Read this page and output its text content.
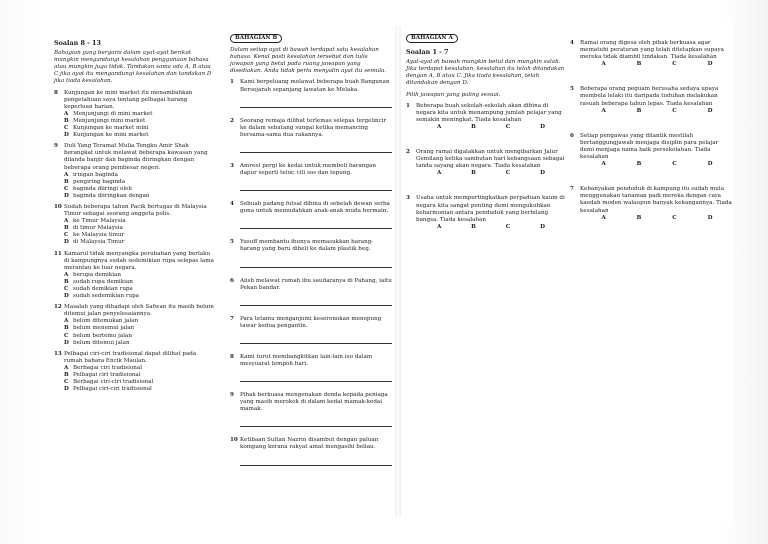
Soalan 8 - 13
Bahagian yang bergaris dalam ayat-ayat berikut mungkin mengandungi kesalahan penggunaan bahasa atau mungkin juga tidak. Tandakan sama ada A, B atau C jika ayat itu mengandungi kesalahan dan tandakan D jika tiada kesalahan.
8	Kunjungan ke mini market itu menambahkan pengetahuan saya tentang pelbagai barang keperluan harian.
A Menjunjungi di mini market
B Menjunjungi mini market
C Kunjungan ke market mini
D Kunjungan ke mini market
9	Duli Yang Teramat Mulia Tengku Amir Shah berangkat untuk melawat beberapa kawasan yang dilanda banjir dan baginda diiringkan dengan beberapa orang pembesar negeri.
A iringan baginda
B pengiring baginda
C baginda diiringi oleh
D baginda diiringkan dengan
10 Sudah beberapa tahun Pacik bertugas di Malaysia Timur sebagai seorang anggota polis.
A ke Timur Malaysia
B di timur Malaysia
C ke Malaysia timur
D di Malaysia Timur
11 Kamarul tidak menyangka perubahan yang berlaku di kampungnya sudah sedemikian rupa selepas lama merantau ke luar negara.
A berupa demikian
B sudah rupa demikian
C sudah demikian rupa
D sudah sedemikian rupa
12 Masalah yang dihadapi oleh Safwan itu masih belum ditemui jalan penyelesaiannya.
A belum ditemukan jalan
B belum menemui jalan
C belum bertemu jalan
D belum ditemui jalan
13 Pelbagai ciri-ciri tradisional dapat dilihat pada rumah bahara Encik Maulan.
A Berbagai ciri tradisional
B Pelbagai ciri tradisional
C Berbagai ciri-ciri tradisional
D Pelbagai ciri-ciri tradisional
BAHAGIAN B
Dalam setiap ayat di bawah terdapat satu kesalahan bahasa. Kenal pasti kesalahan tersebut dan tulis jawapan yang betul pada ruang jawapan yang disediakan. Anda tidak perlu menyalin ayat itu semula.
1	Kami berpeluang melawat beberapa buah Bangunan Bersejarah sepanjang lawatan ke Melaka.
2	Seorang remaja dilihat terlemas selepas tergelincir ke dalam sebatang sungai ketika memancing bersama-sama dua rakannya.
3	Amreel pergi ke kedai untuk membeli barangan dapur seperti telur, cili sos dan tepung.
4	Sebuah padang futsal dibina di sebelah dewan serba guna untuk memudahkan anak-anak muda bermain.
5	Yusuff membantu ibunya memasukkan barang-barang yang baru dibeli ke dalam plastik beg.
6	Aiish melawat rumah ibu saudaranya di Pahang, iaitu Pekan bandar.
7	Para tetamu menganjumi keseronokan menepung tawar kedua pengantin.
8	Kami turut membangkitkan lain-lain isu dalam mesyuarat tempoh hari.
9	Pihak berkuasa mengenakan denda kepada peniaga yang masih merokok di dalam kedai mamak-kedai mamak.
10 Ketibaan Sultan Nazrin disambut dengan paluan kompang kerana rakyat amat mengasihi beliau.
BAHAGIAN A
Soalan 1 - 7
Ayat-ayat di bawah mungkin betul dan mungkin salah. Jika terdapat kesalahan, kesalahan itu telah ditandakan dengan A, B atau C. Jika tiada kesalahan, telah ditandakan dengan D.
Pilih jawapan yang paling sesuai.
1	Beberapa buah sekolah-sekolah akan dibina di negara kita untuk menampung jumlah pelajar yang semakin meningkat. Tiada kesalahan
A	B	C	D
2	Orang ramai digalakkan untuk mengibarkan Jalur Gemilang ketika sambutan hari kebangsaan sebagai tanda sayang akan negara. Tiada kesalahan
A	B	C	D
3	Usaha untuk mempertingkatkan perpaduan kaum di negara kita sangat penting demi mengukuhkan keharmonian antara penduduk yang berbilang bangsa. Tiada kesalahan
A	B	C	D
4	Ramai orang digesa oleh pihak berkuasa agar mematuhi peraturan yang telah ditetapkan supaya mereka tidak diambil tindakan. Tiada kesalahan
A	B	C	D
5	Beberapa orang peguam berusaha sedaya upaya membela lelaki itu daripada tuduhan melakukan rasuah beberapa tahun lepas. Tiada kesalahan
A	B	C	D
6	Setiap pengawas yang dilantik mestilah bertanggungjawab menjaga disiplin para pelajar demi menjaga nama baik persekolahan. Tiada kesalahan
A	B	C	D
7	Kebanyakan penduduk di kampung itu sudah mula menggunakan tanaman padi mereka dengan cara kaedah moden walaupun banyak kekangannya. Tiada kesalahan
A	B	C	D
